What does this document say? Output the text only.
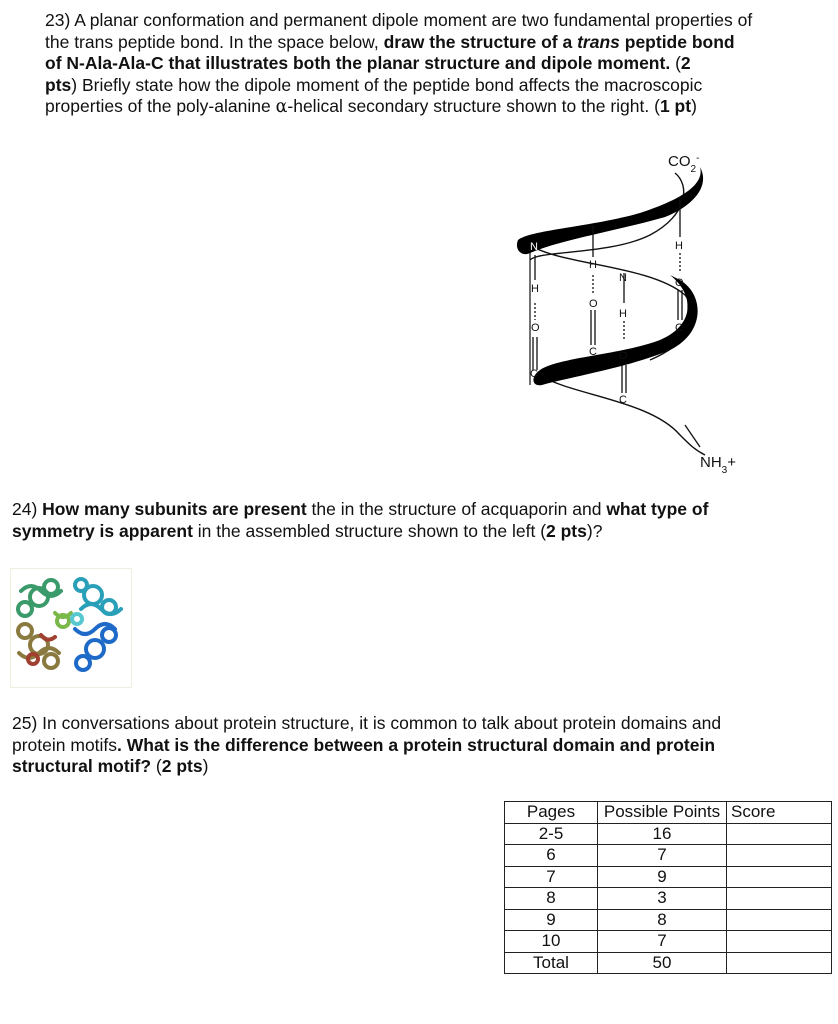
23) A planar conformation and permanent dipole moment are two fundamental properties of
the trans peptide bond. In the space below, draw the structure of a trans peptide bond
of N-Ala-Ala-C that illustrates both the planar structure and dipole moment. (2
pts) Briefly state how the dipole moment of the peptide bond affects the macroscopic
properties of the poly-alanine α-helical secondary structure shown to the right. (1 pt)
N
H
O
C
H
O
C
N
H
O
C
H
O
C
$CO_2^-$
$NH_3+$
24) How many subunits are present the in the structure of acquaporin and what type of
symmetry is apparent in the assembled structure shown to the left (2 pts)?
25) In conversations about protein structure, it is common to talk about protein domains and
protein motifs. What is the difference between a protein structural domain and protein
structural motif? (2 pts)
Pages	Possible Points	Score
2-5	16	
6	7	
7	9	
8	3	
9	8	
10	7	
Total	50	
